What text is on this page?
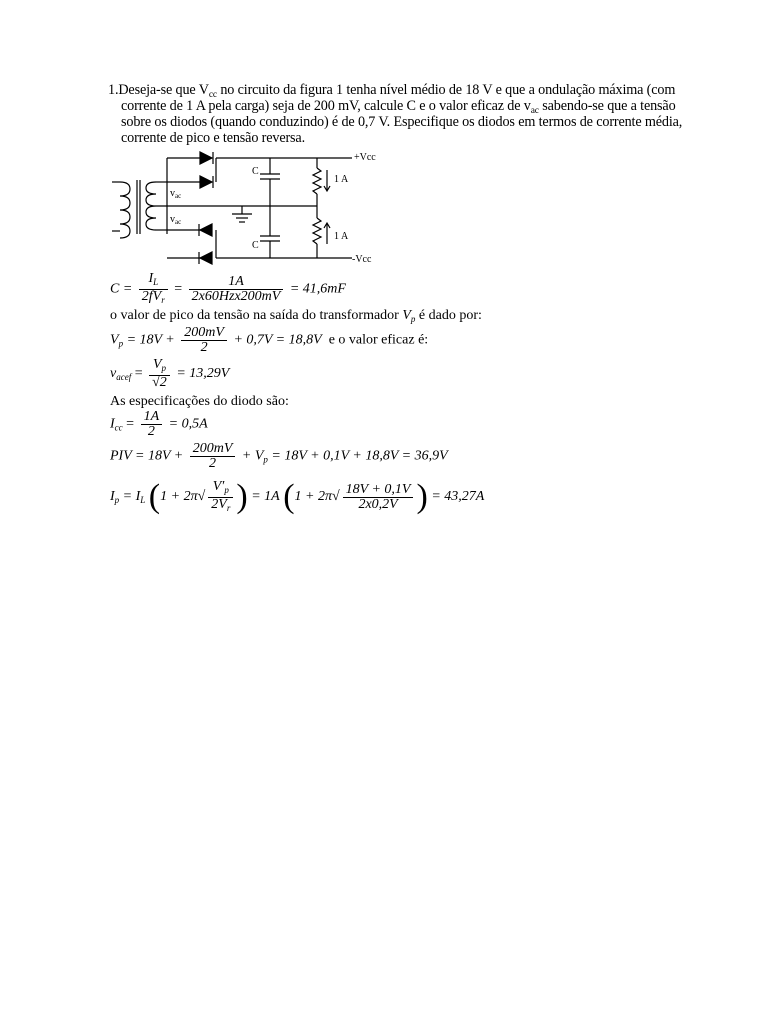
1.Deseja-se que $V_{cc}$ no circuito da figura 1 tenha nível médio de 18 V e que a ondulação máxima (com
corrente de 1 A pela carga) seja de 200 mV, calcule C e o valor eficaz de $v_{ac}$ sabendo-se que a tensão
sobre os diodos (quando conduzindo) é de 0,7 V. Especifique os diodos em termos de corrente média,
corrente de pico e tensão reversa.
$v_{ac}$
$v_{ac}$
C
C
1 A
1 A
+Vcc
-Vcc
$C = \frac{I_L}{2fV_r} = \frac{1A}{\text{2x60Hzx200mV}} = 41,6mF$
o valor de pico da tensão na saída do transformador $V_p$ é dado por:
$V_p = 18V + \frac{200mV}{2} + 0,7V = 18,8V$ e o valor eficaz é:
$v_{acef} = \frac{V_p}{√2} = 13,29V$
As especificações do diodo são:
$I_{cc} = \frac{1A}{2} = 0,5A$
PIV = $18V + \frac{200mV}{2} + V_p = 18V + 0,1V + 18,8V = 36,9V$
$I_p = I_L$ ($1 + 2\pi√ \frac{V'_p}{2V_r}$ ) = 1A ($1 + 2\pi√ \frac{18V + 0,1V}{2x0,2V}$ ) = 43,27A
